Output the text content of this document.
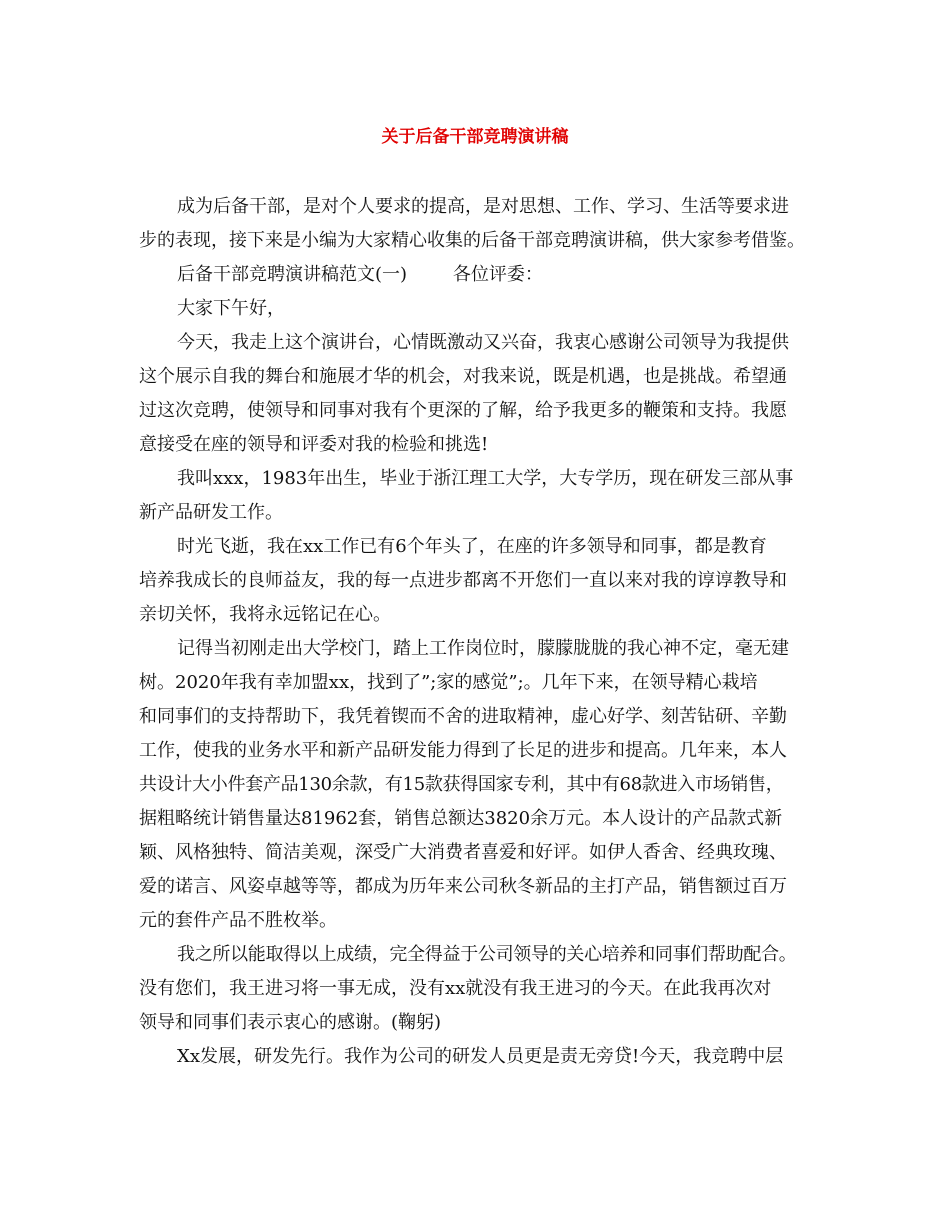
关于后备干部竞聘演讲稿
成为后备干部，是对个人要求的提高，是对思想、工作、学习、生活等要求进
步的表现，接下来是小编为大家精心收集的后备干部竞聘演讲稿，供大家参考借鉴。
后备干部竞聘演讲稿范文(一)        各位评委：
大家下午好，
今天，我走上这个演讲台，心情既激动又兴奋，我衷心感谢公司领导为我提供
这个展示自我的舞台和施展才华的机会，对我来说，既是机遇，也是挑战。希望通
过这次竞聘，使领导和同事对我有个更深的了解，给予我更多的鞭策和支持。我愿
意接受在座的领导和评委对我的检验和挑选!
我叫xxx，1983年出生，毕业于浙江理工大学，大专学历，现在研发三部从事
新产品研发工作。
时光飞逝，我在xx工作已有6个年头了，在座的许多领导和同事，都是教育
培养我成长的良师益友，我的每一点进步都离不开您们一直以来对我的谆谆教导和
亲切关怀，我将永远铭记在心。
记得当初刚走出大学校门，踏上工作岗位时，朦朦胧胧的我心神不定，毫无建
树。2020年我有幸加盟xx，找到了”;家的感觉”;。几年下来，在领导精心栽培
和同事们的支持帮助下，我凭着锲而不舍的进取精神，虚心好学、刻苦钻研、辛勤
工作，使我的业务水平和新产品研发能力得到了长足的进步和提高。几年来，本人
共设计大小件套产品130余款，有15款获得国家专利，其中有68款进入市场销售，
据粗略统计销售量达81962套，销售总额达3820余万元。本人设计的产品款式新
颖、风格独特、简洁美观，深受广大消费者喜爱和好评。如伊人香舍、经典玫瑰、
爱的诺言、风姿卓越等等，都成为历年来公司秋冬新品的主打产品，销售额过百万
元的套件产品不胜枚举。
我之所以能取得以上成绩，完全得益于公司领导的关心培养和同事们帮助配合。
没有您们，我王进习将一事无成，没有xx就没有我王进习的今天。在此我再次对
领导和同事们表示衷心的感谢。(鞠躬)
Xx发展，研发先行。我作为公司的研发人员更是责无旁贷!今天，我竞聘中层
